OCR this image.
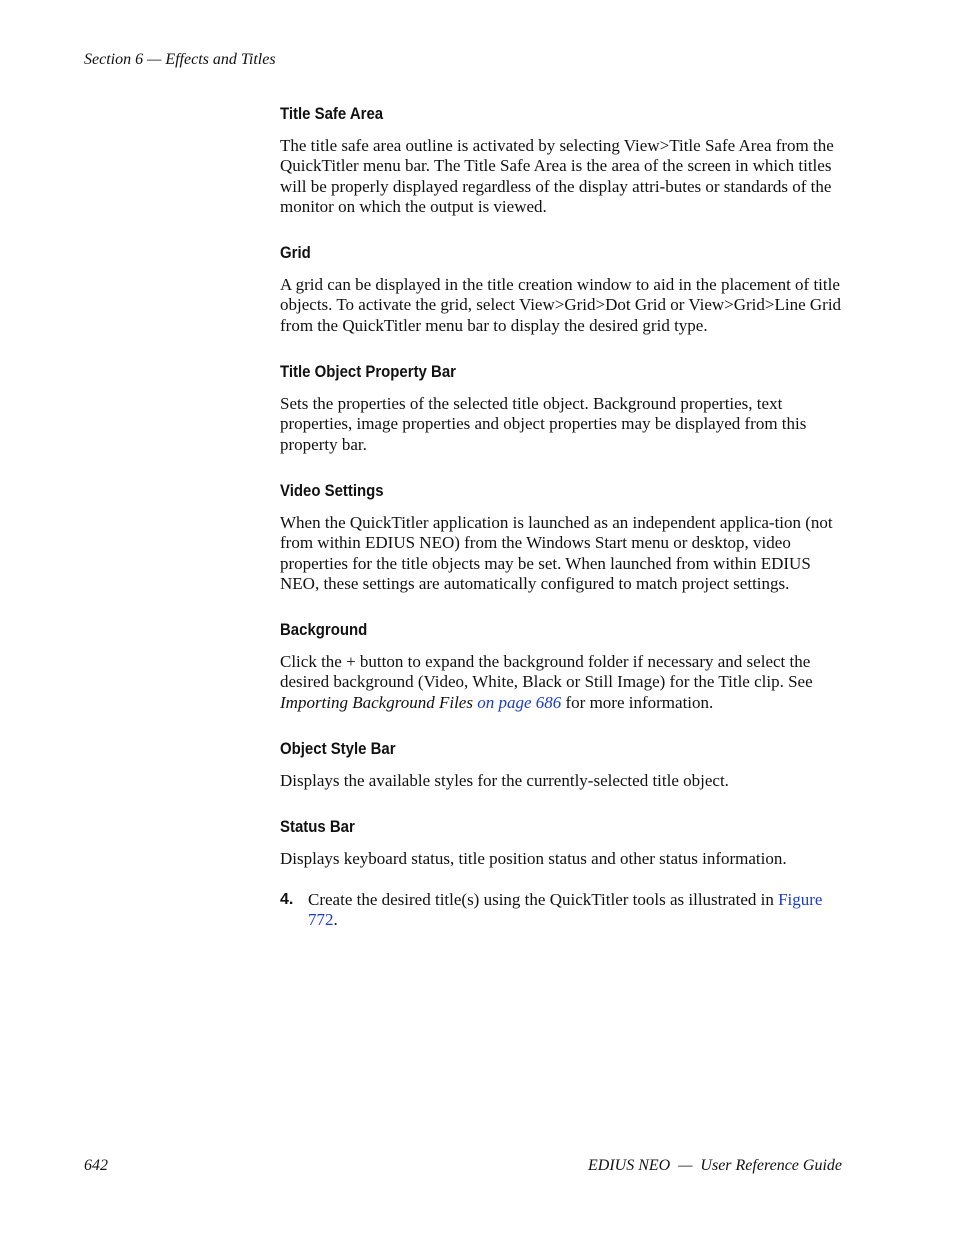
Section 6 — Effects and Titles
Title Safe Area

The title safe area outline is activated by selecting View>Title Safe Area from the QuickTitler menu bar. The Title Safe Area is the area of the screen in which titles will be properly displayed regardless of the display attri-butes or standards of the monitor on which the output is viewed.

Grid

A grid can be displayed in the title creation window to aid in the placement of title objects. To activate the grid, select View>Grid>Dot Grid or View>Grid>Line Grid from the QuickTitler menu bar to display the desired grid type.

Title Object Property Bar

Sets the properties of the selected title object. Background properties, text properties, image properties and object properties may be displayed from this property bar.

Video Settings

When the QuickTitler application is launched as an independent applica-tion (not from within EDIUS NEO) from the Windows Start menu or desktop, video properties for the title objects may be set. When launched from within EDIUS NEO, these settings are automatically configured to match project settings.

Background

Click the + button to expand the background folder if necessary and select the desired background (Video, White, Black or Still Image) for the Title clip. See Importing Background Files on page 686 for more information.

Object Style Bar

Displays the available styles for the currently-selected title object.

Status Bar

Displays keyboard status, title position status and other status information.

4. Create the desired title(s) using the QuickTitler tools as illustrated in Figure 772.
642	EDIUS NEO  —  User Reference Guide
